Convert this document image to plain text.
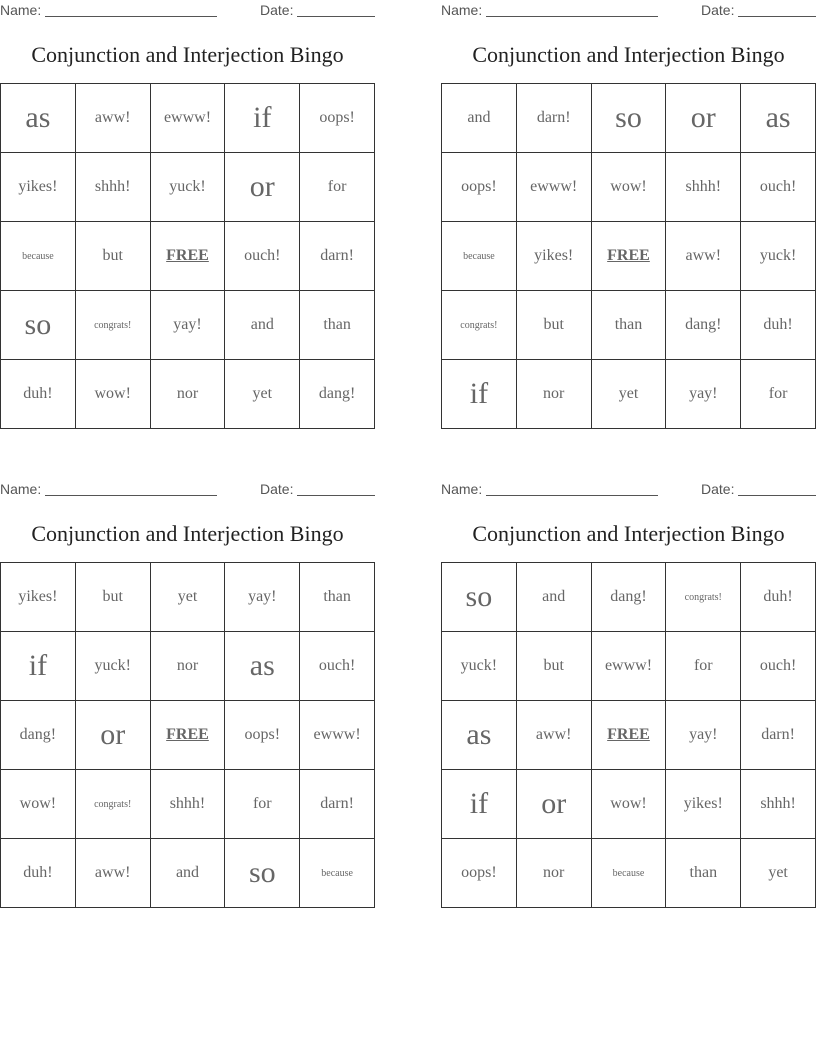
Name:	Date:
Conjunction and Interjection Bingo
as	aww!	ewww!	if	oops!
yikes!	shhh!	yuck!	or	for
because	but	FREE	ouch!	darn!
so	congrats!	yay!	and	than
duh!	wow!	nor	yet	dang!
Name:	Date:
Conjunction and Interjection Bingo
and	darn!	so	or	as
oops!	ewww!	wow!	shhh!	ouch!
because	yikes!	FREE	aww!	yuck!
congrats!	but	than	dang!	duh!
if	nor	yet	yay!	for
Name:	Date:
Conjunction and Interjection Bingo
yikes!	but	yet	yay!	than
if	yuck!	nor	as	ouch!
dang!	or	FREE	oops!	ewww!
wow!	congrats!	shhh!	for	darn!
duh!	aww!	and	so	because
Name:	Date:
Conjunction and Interjection Bingo
so	and	dang!	congrats!	duh!
yuck!	but	ewww!	for	ouch!
as	aww!	FREE	yay!	darn!
if	or	wow!	yikes!	shhh!
oops!	nor	because	than	yet
